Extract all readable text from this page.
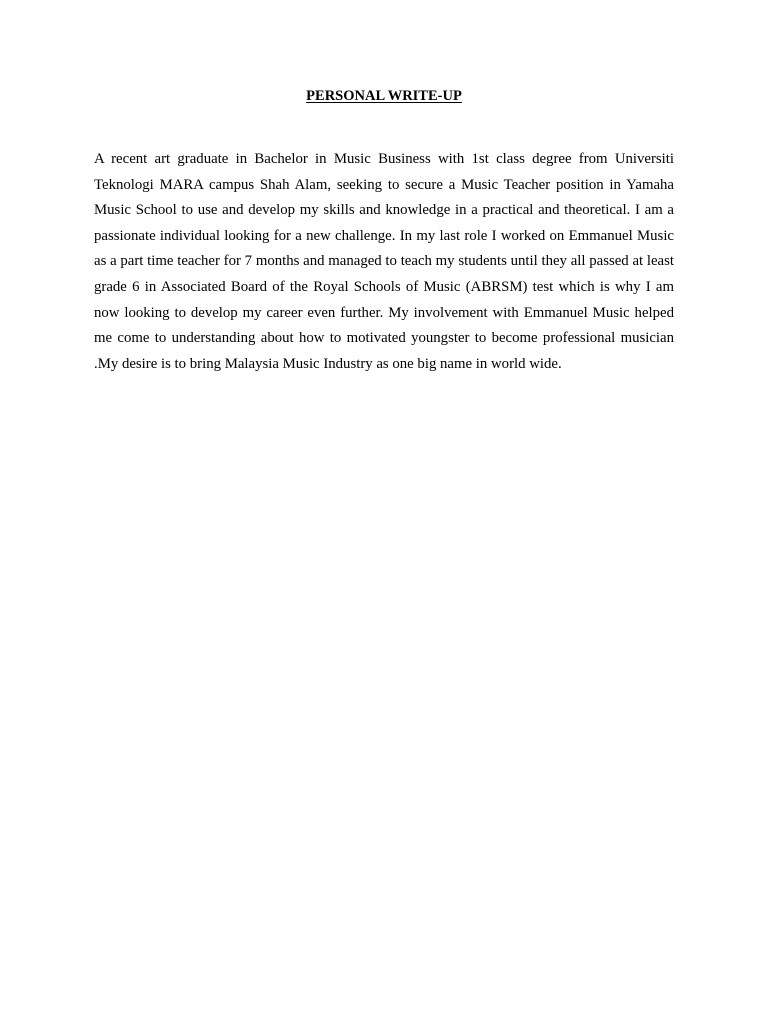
PERSONAL WRITE-UP

A recent art graduate in Bachelor in Music Business with 1st class degree from Universiti Teknologi MARA campus Shah Alam, seeking to secure a Music Teacher position in Yamaha Music School to use and develop my skills and knowledge in a practical and theoretical. I am a passionate individual looking for a new challenge. In my last role I worked on Emmanuel Music as a part time teacher for 7 months and managed to teach my students until they all passed at least grade 6 in Associated Board of the Royal Schools of Music (ABRSM) test which is why I am now looking to develop my career even further. My involvement with Emmanuel Music helped me come to understanding about how to motivated youngster to become professional musician .My desire is to bring Malaysia Music Industry as one big name in world wide.
